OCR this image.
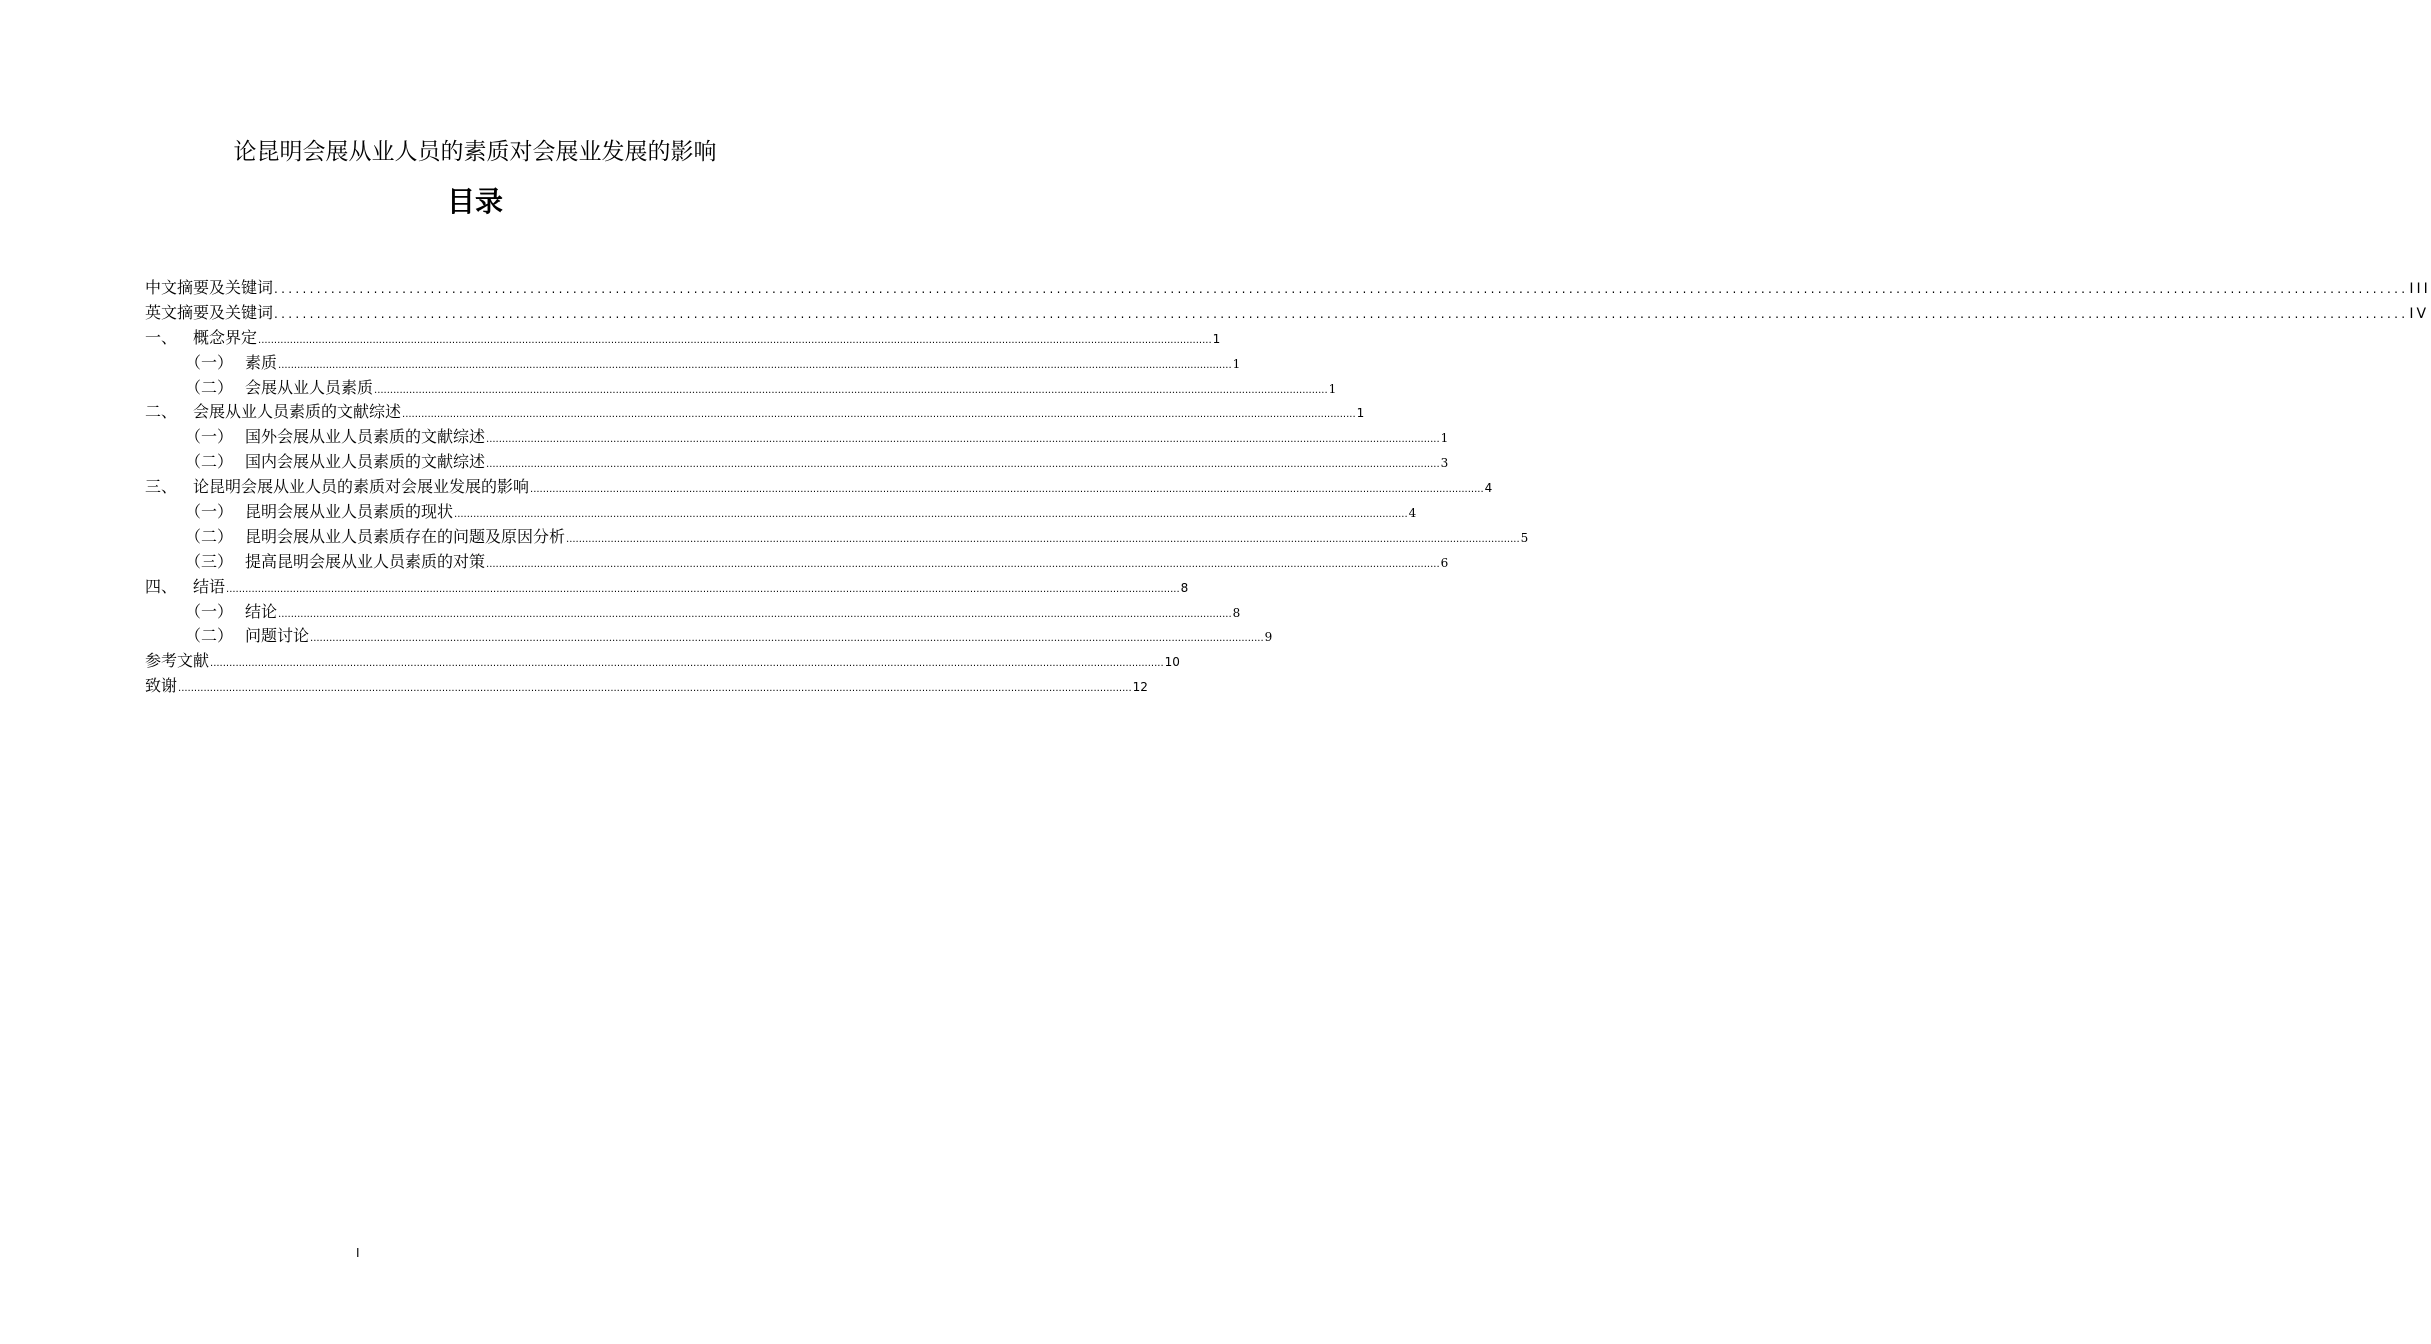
论昆明会展从业人员的素质对会展业发展的影响
目录
中文摘要及关键词 ............................................................................................................................................................................................................................................................................................................ III
英文摘要及关键词 ............................................................................................................................................................................................................................................................................................................ IV
一、 概念界定 ............................................................................................................................................................................................................................................................................................................ 1
（一） 素质 ............................................................................................................................................................................................................................................................................................................ 1
（二） 会展从业人员素质 ............................................................................................................................................................................................................................................................................................................ 1
二、 会展从业人员素质的文献综述 ............................................................................................................................................................................................................................................................................................................ 1
（一） 国外会展从业人员素质的文献综述 ............................................................................................................................................................................................................................................................................................................ 1
（二） 国内会展从业人员素质的文献综述 ............................................................................................................................................................................................................................................................................................................ 3
三、 论昆明会展从业人员的素质对会展业发展的影响 ............................................................................................................................................................................................................................................................................................................ 4
（一） 昆明会展从业人员素质的现状 ............................................................................................................................................................................................................................................................................................................ 4
（二） 昆明会展从业人员素质存在的问题及原因分析 ............................................................................................................................................................................................................................................................................................................ 5
（三） 提高昆明会展从业人员素质的对策 ............................................................................................................................................................................................................................................................................................................ 6
四、 结语 ............................................................................................................................................................................................................................................................................................................ 8
（一） 结论 ............................................................................................................................................................................................................................................................................................................ 8
（二） 问题讨论 ............................................................................................................................................................................................................................................................................................................ 9
参考文献 ............................................................................................................................................................................................................................................................................................................ 10
致谢 ............................................................................................................................................................................................................................................................................................................ 12
I
